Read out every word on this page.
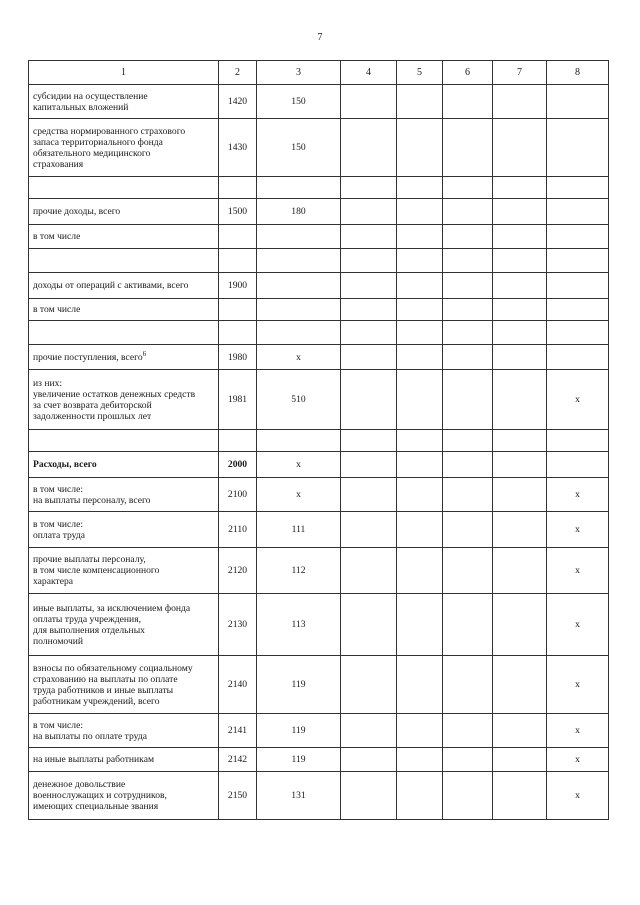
7
1	2	3	4	5	6	7	8

субсидии на осуществление
капитальных вложений	1420	150					

средства нормированного страхового
запаса территориального фонда
обязательного медицинского
страхования	1430	150					

прочие доходы, всего	1500	180					

в том числе							

доходы от операций с активами, всего	1900						

в том числе							

прочие поступления, всего$^6$	1980	х					

из них:
увеличение остатков денежных средств
за счет возврата дебиторской
задолженности прошлых лет	1981	510					х

Расходы, всего	2000	х					

в том числе:
на выплаты персоналу, всего	2100	х					х

в том числе:
оплата труда	2110	111					х

прочие выплаты персоналу,
в том числе компенсационного
характера	2120	112					х

иные выплаты, за исключением фонда
оплаты труда учреждения,
для выполнения отдельных
полномочий	2130	113					х

взносы по обязательному социальному
страхованию на выплаты по оплате
труда работников и иные выплаты
работникам учреждений, всего	2140	119					х

в том числе:
на выплаты по оплате труда	2141	119					х

на иные выплаты работникам	2142	119					х

денежное довольствие
военнослужащих и сотрудников,
имеющих специальные звания	2150	131					х
